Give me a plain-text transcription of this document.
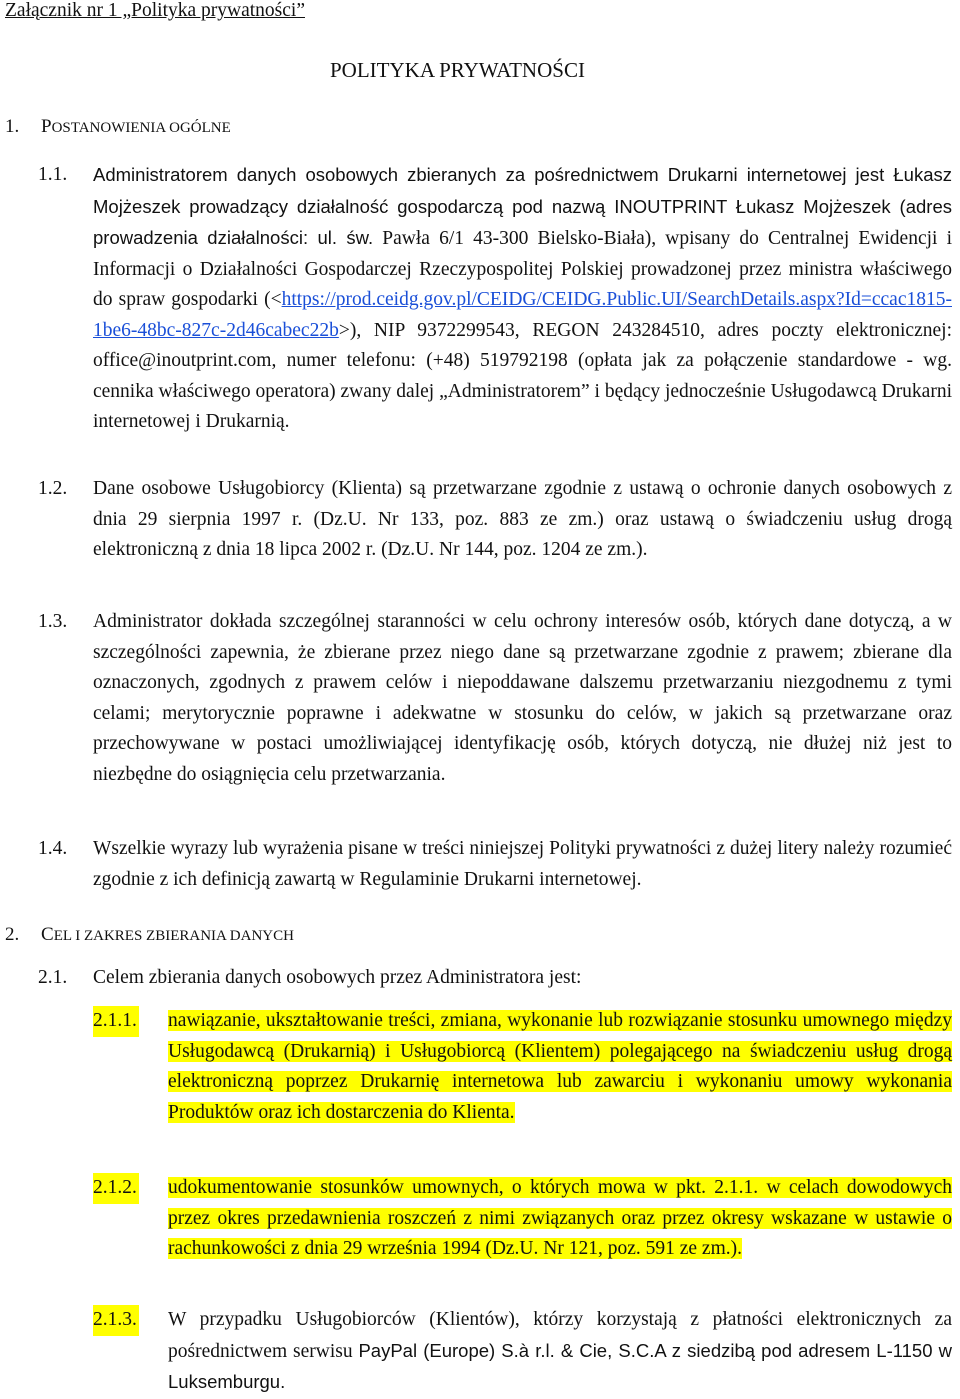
Załącznik nr 1 „Polityka prywatności”
POLITYKA PRYWATNOŚCI
1. POSTANOWIENIA OGÓLNE
1.1. Administratorem danych osobowych zbieranych za pośrednictwem Drukarni internetowej jest Łukasz Mojżeszek prowadzący działalność gospodarczą pod nazwą INOUTPRINT Łukasz Mojżeszek (adres prowadzenia działalności: ul. św. Pawła 6/1 43-300 Bielsko-Biała), wpisany do Centralnej Ewidencji i Informacji o Działalności Gospodarczej Rzeczypospolitej Polskiej prowadzonej przez ministra właściwego do spraw gospodarki (<https://prod.ceidg.gov.pl/CEIDG/CEIDG.Public.UI/SearchDetails.aspx?Id=ccac1815-1be6-48bc-827c-2d46cabec22b>), NIP 9372299543, REGON 243284510, adres poczty elektronicznej: office@inoutprint.com, numer telefonu: (+48) 519792198 (opłata jak za połączenie standardowe - wg. cennika właściwego operatora) zwany dalej „Administratorem” i będący jednocześnie Usługodawcą Drukarni internetowej i Drukarnią.
1.2. Dane osobowe Usługobiorcy (Klienta) są przetwarzane zgodnie z ustawą o ochronie danych osobowych z dnia 29 sierpnia 1997 r. (Dz.U. Nr 133, poz. 883 ze zm.) oraz ustawą o świadczeniu usług drogą elektroniczną z dnia 18 lipca 2002 r. (Dz.U. Nr 144, poz. 1204 ze zm.).
1.3. Administrator dokłada szczególnej staranności w celu ochrony interesów osób, których dane dotyczą, a w szczególności zapewnia, że zbierane przez niego dane są przetwarzane zgodnie z prawem; zbierane dla oznaczonych, zgodnych z prawem celów i niepoddawane dalszemu przetwarzaniu niezgodnemu z tymi celami; merytorycznie poprawne i adekwatne w stosunku do celów, w jakich są przetwarzane oraz przechowywane w postaci umożliwiającej identyfikację osób, których dotyczą, nie dłużej niż jest to niezbędne do osiągnięcia celu przetwarzania.
1.4. Wszelkie wyrazy lub wyrażenia pisane w treści niniejszej Polityki prywatności z dużej litery należy rozumieć zgodnie z ich definicją zawartą w Regulaminie Drukarni internetowej.
2. CEL I ZAKRES ZBIERANIA DANYCH
2.1. Celem zbierania danych osobowych przez Administratora jest:
2.1.1. nawiązanie, ukształtowanie treści, zmiana, wykonanie lub rozwiązanie stosunku umownego między Usługodawcą (Drukarnią) i Usługobiorcą (Klientem) polegającego na świadczeniu usług drogą elektroniczną poprzez Drukarnię internetowa lub zawarciu i wykonaniu umowy wykonania Produktów oraz ich dostarczenia do Klienta.
2.1.2. udokumentowanie stosunków umownych, o których mowa w pkt. 2.1.1. w celach dowodowych przez okres przedawnienia roszczeń z nimi związanych oraz przez okresy wskazane w ustawie o rachunkowości z dnia 29 września 1994 (Dz.U. Nr 121, poz. 591 ze zm.).
2.1.3. W przypadku Usługobiorców (Klientów), którzy korzystają z płatności elektronicznych za pośrednictwem serwisu PayPal (Europe) S.à r.l. & Cie, S.C.A z siedzibą pod adresem L-1150 w Luksemburgu.
